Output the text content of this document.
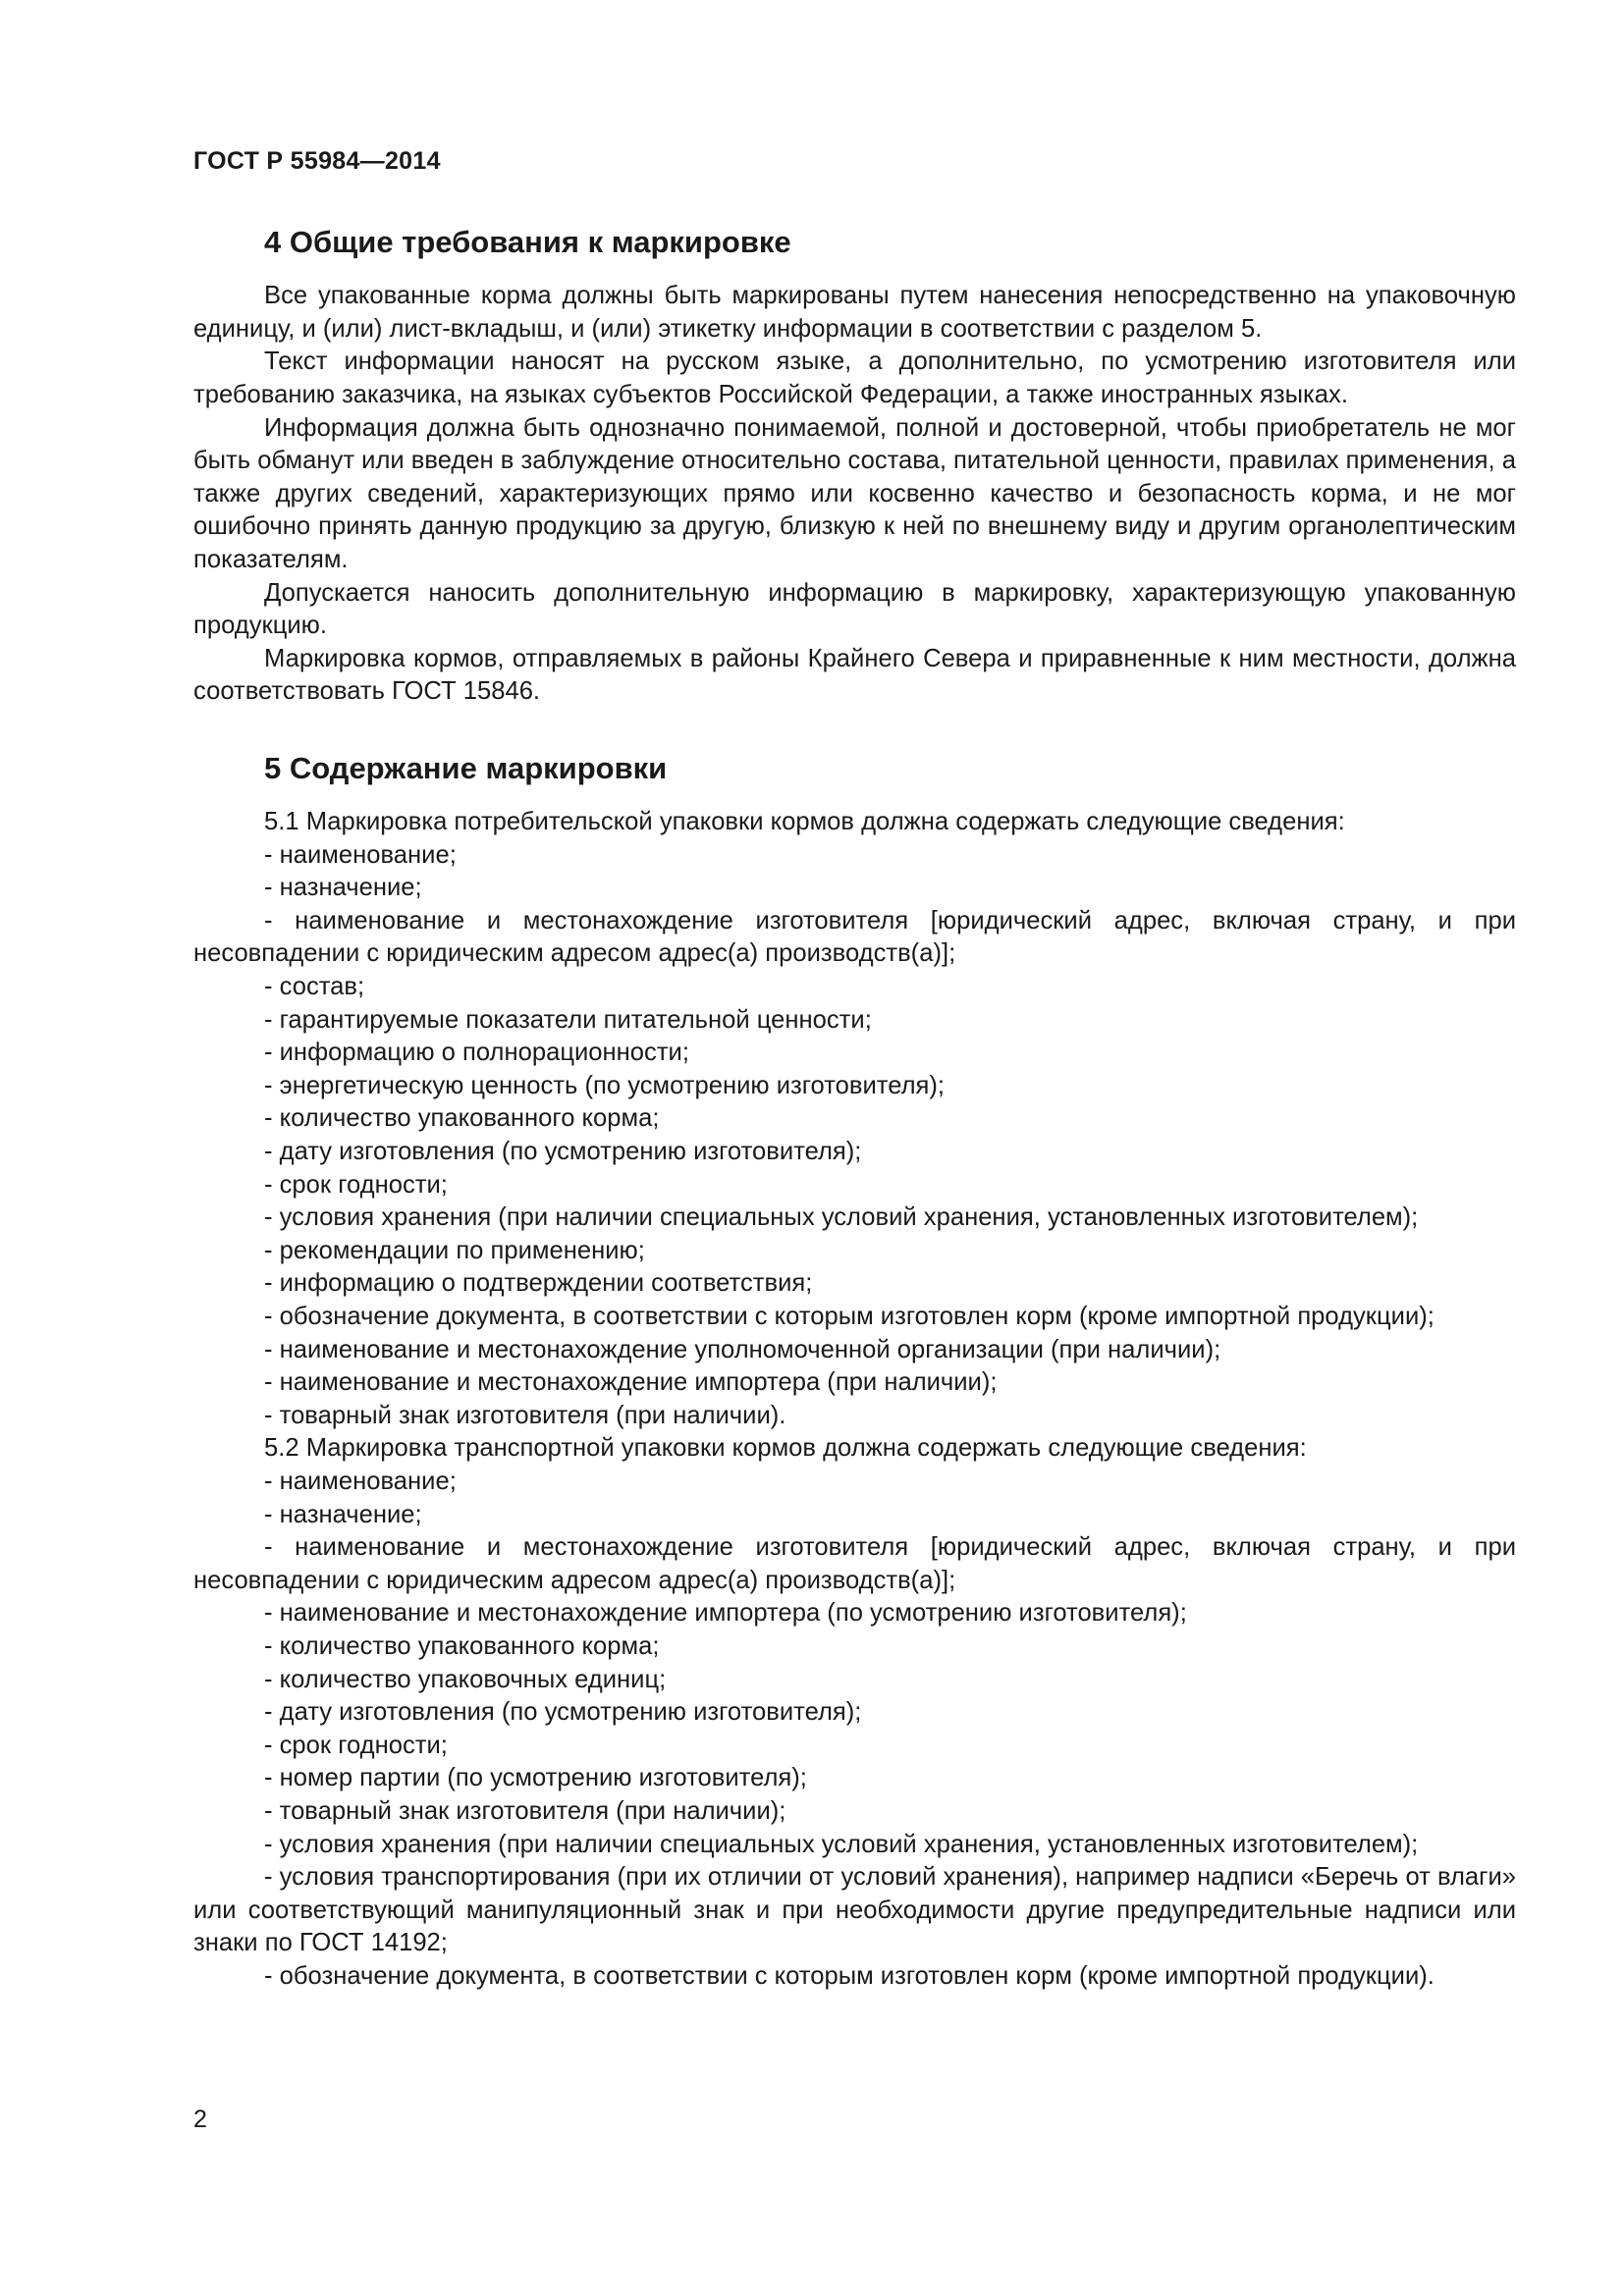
ГОСТ Р 55984—2014

4 Общие требования к маркировке

Все упакованные корма должны быть маркированы путем нанесения непосредственно на упаковочную единицу, и (или) лист-вкладыш, и (или) этикетку информации в соответствии с разделом 5.

Текст информации наносят на русском языке, а дополнительно, по усмотрению изготовителя или требованию заказчика, на языках субъектов Российской Федерации, а также иностранных языках.

Информация должна быть однозначно понимаемой, полной и достоверной, чтобы приобретатель не мог быть обманут или введен в заблуждение относительно состава, питательной ценности, правилах применения, а также других сведений, характеризующих прямо или косвенно качество и безопасность корма, и не мог ошибочно принять данную продукцию за другую, близкую к ней по внешнему виду и другим органолептическим показателям.

Допускается наносить дополнительную информацию в маркировку, характеризующую упакованную продукцию.

Маркировка кормов, отправляемых в районы Крайнего Севера и приравненные к ним местности, должна соответствовать ГОСТ 15846.

5 Содержание маркировки

5.1 Маркировка потребительской упаковки кормов должна содержать следующие сведения:

- наименование;
- назначение;
- наименование и местонахождение изготовителя [юридический адрес, включая страну, и при несовпадении с юридическим адресом адрес(а) производств(а)];
- состав;
- гарантируемые показатели питательной ценности;
- информацию о полнорационности;
- энергетическую ценность (по усмотрению изготовителя);
- количество упакованного корма;
- дату изготовления (по усмотрению изготовителя);
- срок годности;
- условия хранения (при наличии специальных условий хранения, установленных изготовителем);
- рекомендации по применению;
- информацию о подтверждении соответствия;
- обозначение документа, в соответствии с которым изготовлен корм (кроме импортной продукции);
- наименование и местонахождение уполномоченной организации (при наличии);
- наименование и местонахождение импортера (при наличии);
- товарный знак изготовителя (при наличии).

5.2 Маркировка транспортной упаковки кормов должна содержать следующие сведения:

- наименование;
- назначение;
- наименование и местонахождение изготовителя [юридический адрес, включая страну, и при несовпадении с юридическим адресом адрес(а) производств(а)];
- наименование и местонахождение импортера (по усмотрению изготовителя);
- количество упакованного корма;
- количество упаковочных единиц;
- дату изготовления (по усмотрению изготовителя);
- срок годности;
- номер партии (по усмотрению изготовителя);
- товарный знак изготовителя (при наличии);
- условия хранения (при наличии специальных условий хранения, установленных изготовителем);
- условия транспортирования (при их отличии от условий хранения), например надписи «Беречь от влаги» или соответствующий манипуляционный знак и при необходимости другие предупредительные надписи или знаки по ГОСТ 14192;
- обозначение документа, в соответствии с которым изготовлен корм (кроме импортной продукции).

2
